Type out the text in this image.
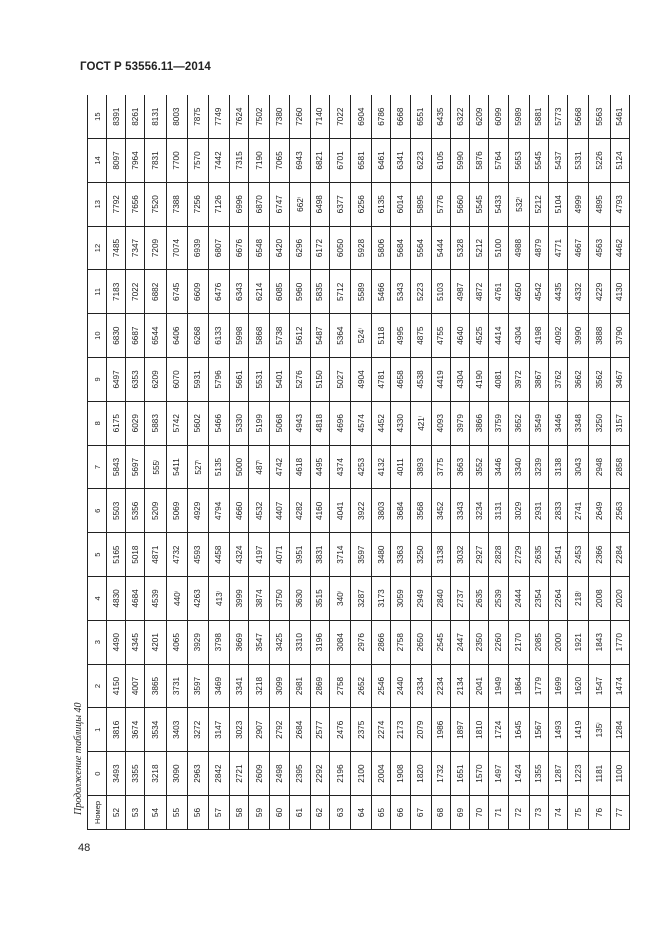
ГОСТ Р 53556.11—2014
Продолжение таблицы 40 Номер	0	1	2	3	4	5	6	7	8	9	10	11	12	13	14	15
52	3493	3816	4150	4490	4830	5165	5503	5843	6175	6497	6830	7183	7485	7792	8097	8391
53	3355	3674	4007	4345	4684	5018	5356	5697	6029	6353	6687	7022	7347	7656	7964	8261
54	3218	3534	3865	4201	4539	4871	5209	555ⁱ	5883	6209	6544	6882	7209	7520	7831	8131
55	3090	3403	3731	4065	440ⁱ	4732	5069	5411	5742	6070	6406	6745	7074	7388	7700	8003
56	2963	3272	3597	3929	4263	4593	4929	527ⁱ	5602	5931	6268	6609	6939	7256	7570	7875
57	2842	3147	3469	3798	413ⁱ	4458	4794	5135	5466	5796	6133	6476	6807	7126	7442	7749
58	2721	3023	3341	3669	3999	4324	4660	5000	5330	5661	5998	6343	6676	6996	7315	7624
59	2609	2907	3218	3547	3874	4197	4532	487ⁱ	5199	5531	5868	6214	6548	6870	7190	7502
60	2498	2792	3099	3425	3750	4071	4407	4742	5068	5401	5738	6085	6420	6747	7065	7380
61	2395	2684	2981	3310	3630	3951	4282	4618	4943	5276	5612	5960	6296	662ⁱ	6943	7260
62	2292	2577	2869	3196	3515	3831	4160	4495	4818	5150	5487	5835	6172	6498	6821	7140
63	2196	2476	2758	3084	340ⁱ	3714	4041	4374	4696	5027	5364	5712	6050	6377	6701	7022
64	2100	2375	2652	2976	3287	3597	3922	4253	4574	4904	524ⁱ	5589	5928	6256	6581	6904
65	2004	2274	2546	2866	3173	3480	3803	4132	4452	4781	5118	5466	5806	6135	6461	6786
66	1908	2173	2440	2758	3059	3363	3684	4011	4330	4658	4995	5343	5684	6014	6341	6668
67	1820	2079	2334	2650	2949	3250	3568	3893	421ⁱ	4538	4875	5223	5564	5895	6223	6551
68	1732	1986	2234	2545	2840	3138	3452	3775	4093	4419	4755	5103	5444	5776	6105	6435
69	1651	1897	2134	2447	2737	3032	3343	3663	3979	4304	4640	4987	5328	5660	5990	6322
70	1570	1810	2041	2350	2635	2927	3234	3552	3866	4190	4525	4872	5212	5545	5876	6209
71	1497	1724	1949	2260	2539	2828	3131	3446	3759	4081	4414	4761	5100	5433	5764	6099
72	1424	1645	1864	2170	2444	2729	3029	3340	3652	3972	4304	4650	4988	532ⁱ	5653	5989
73	1355	1567	1779	2085	2354	2635	2931	3239	3549	3867	4198	4542	4879	5212	5545	5881
74	1287	1493	1699	2000	2264	2541	2833	3138	3446	3762	4092	4435	4771	5104	5437	5773
75	1223	1419	1620	1921	218ⁱ	2453	2741	3043	3348	3662	3990	4332	4667	4999	5331	5668
76	1181	135ⁱ	1547	1843	2008	2366	2649	2948	3250	3562	3888	4229	4563	4895	5226	5563
77	1100	1284	1474	1770	2020	2284	2563	2858	3157	3467	3790	4130	4462	4793	5124	5461
48
